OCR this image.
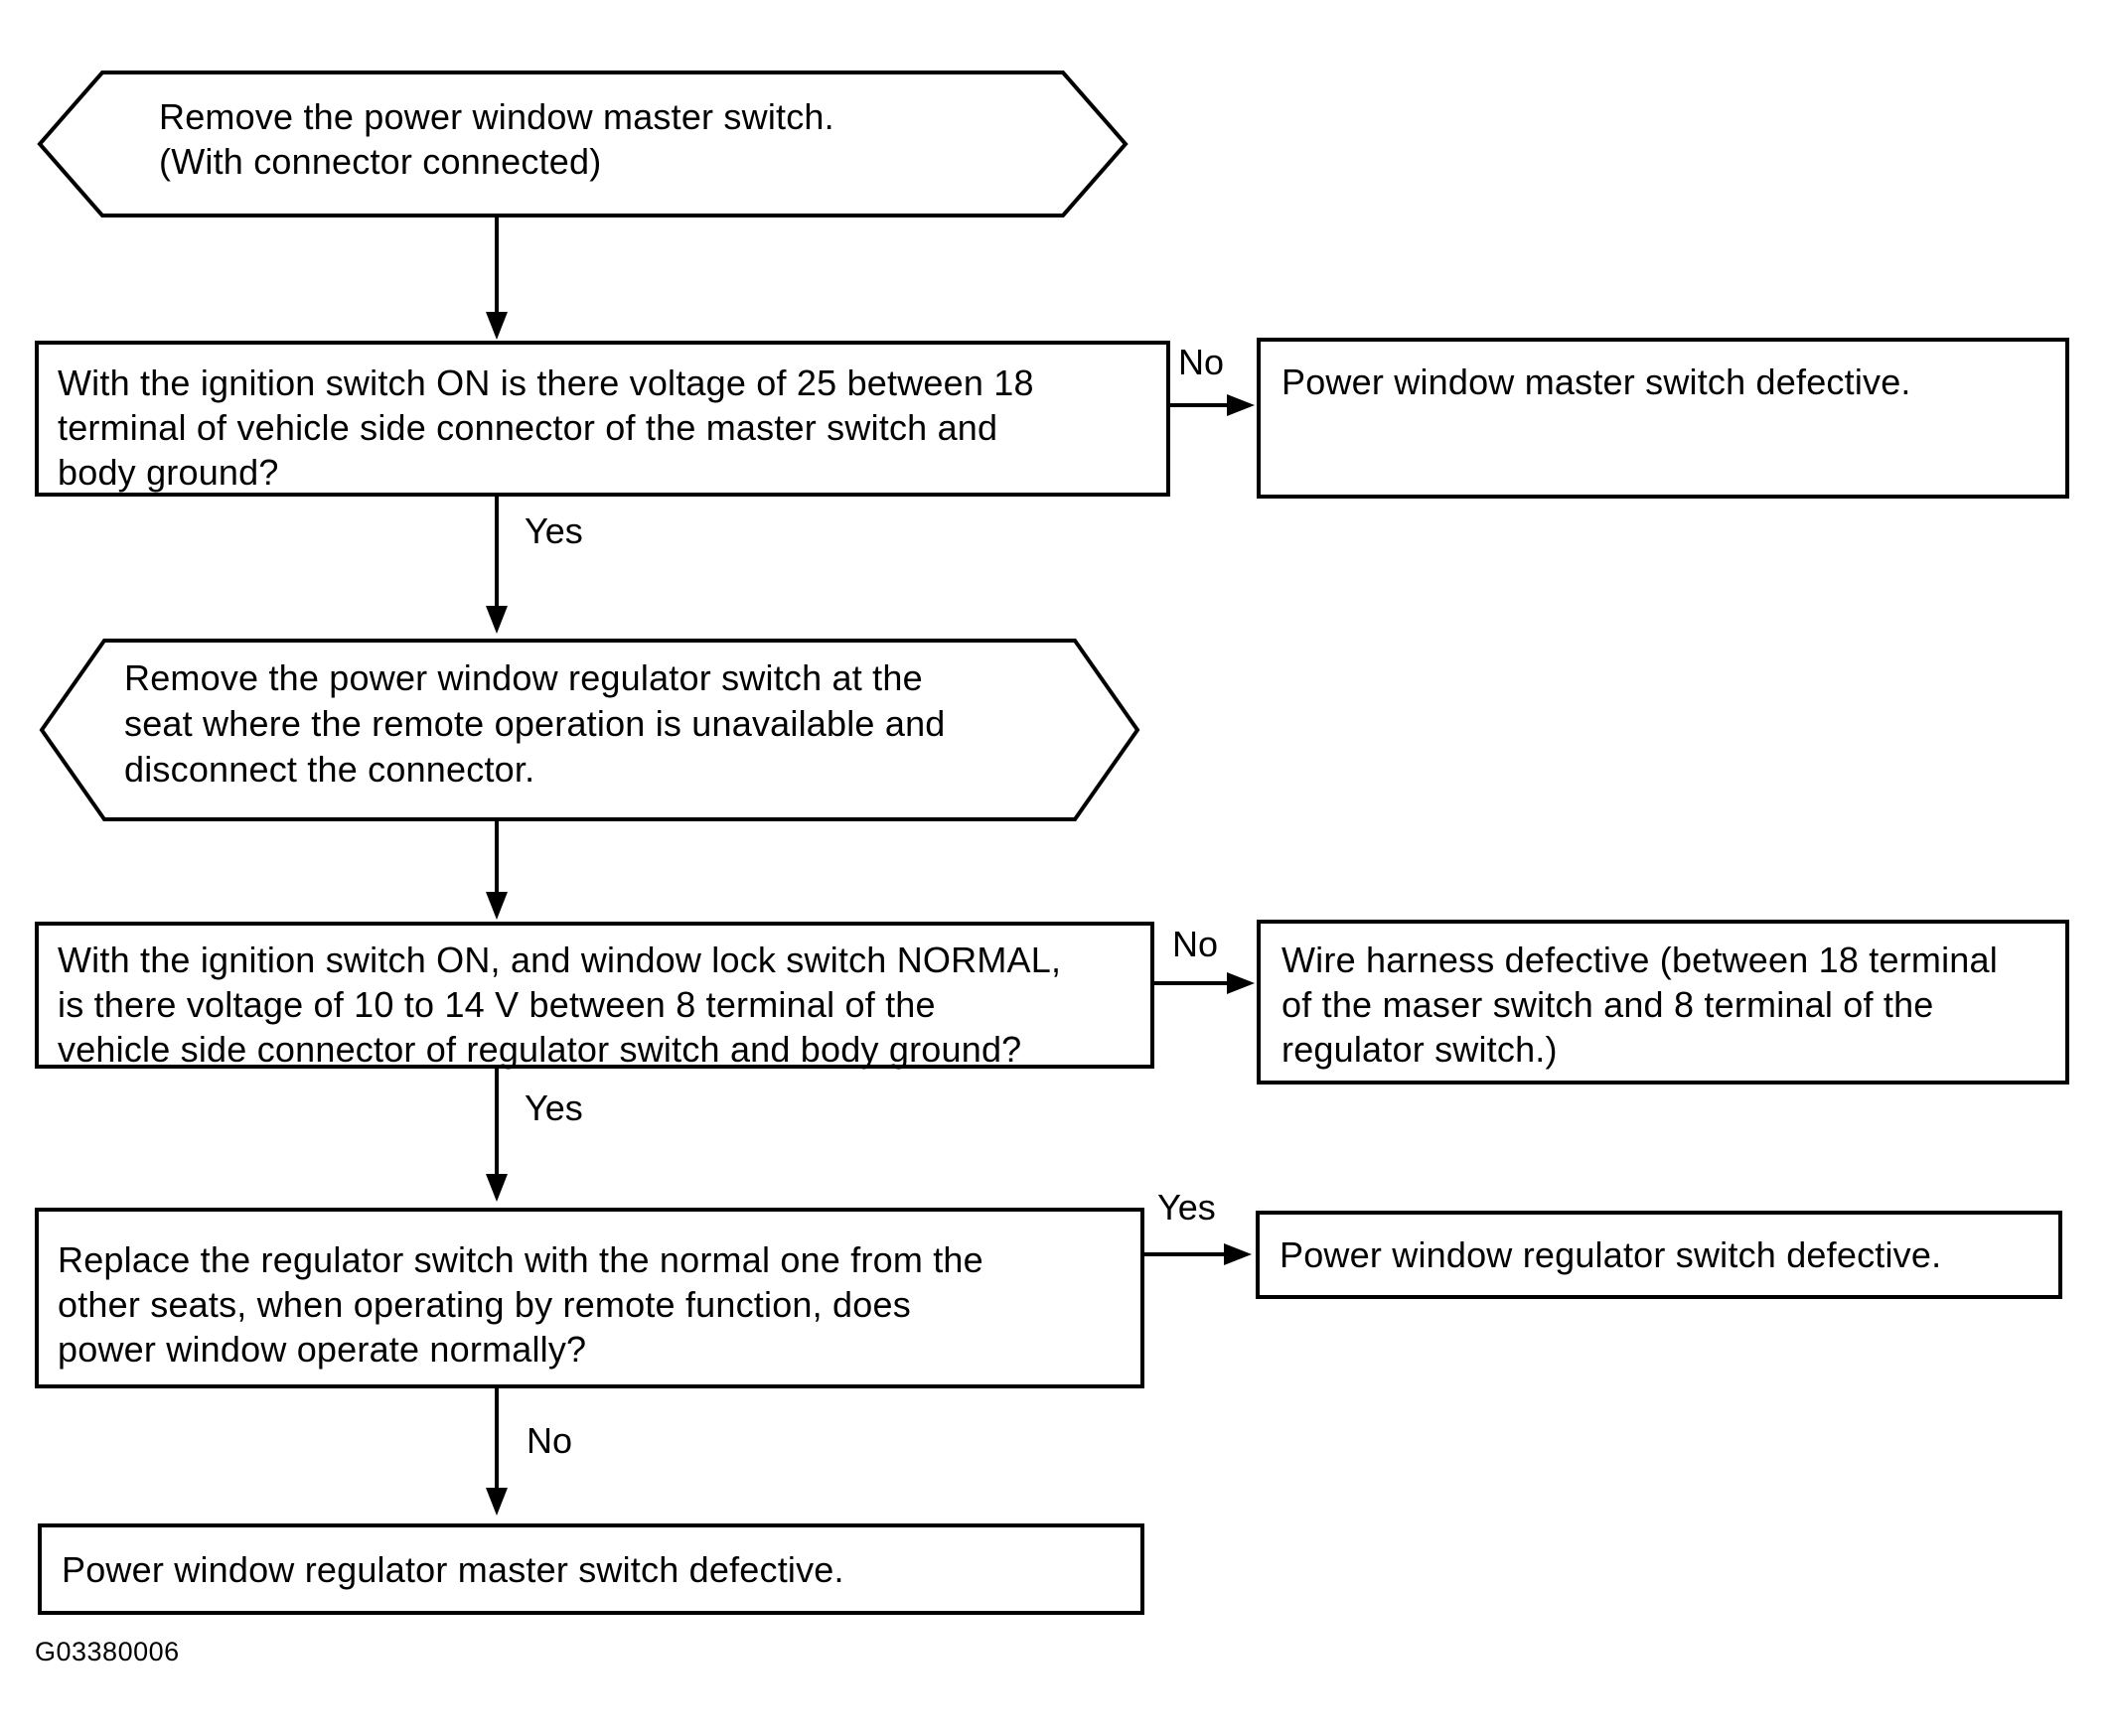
Remove the power window master switch.
(With connector connected)
With the ignition switch ON is there voltage of 25 between 18
terminal of vehicle side connector of the master switch and
body ground?
No
Yes
Power window master switch defective.
Remove the power window regulator switch at the
seat where the remote operation is unavailable and
disconnect the connector.
With the ignition switch ON, and window lock switch NORMAL,
is there voltage of 10 to 14 V between 8 terminal of the
vehicle side connector of regulator switch and body ground?
No
Yes
Wire harness defective (between 18 terminal
of the maser switch and 8 terminal of the
regulator switch.)
Replace the regulator switch with the normal one from the
other seats, when operating by remote function, does
power window operate normally?
Yes
No
Power window regulator switch defective.
Power window regulator master switch defective.
G03380006
